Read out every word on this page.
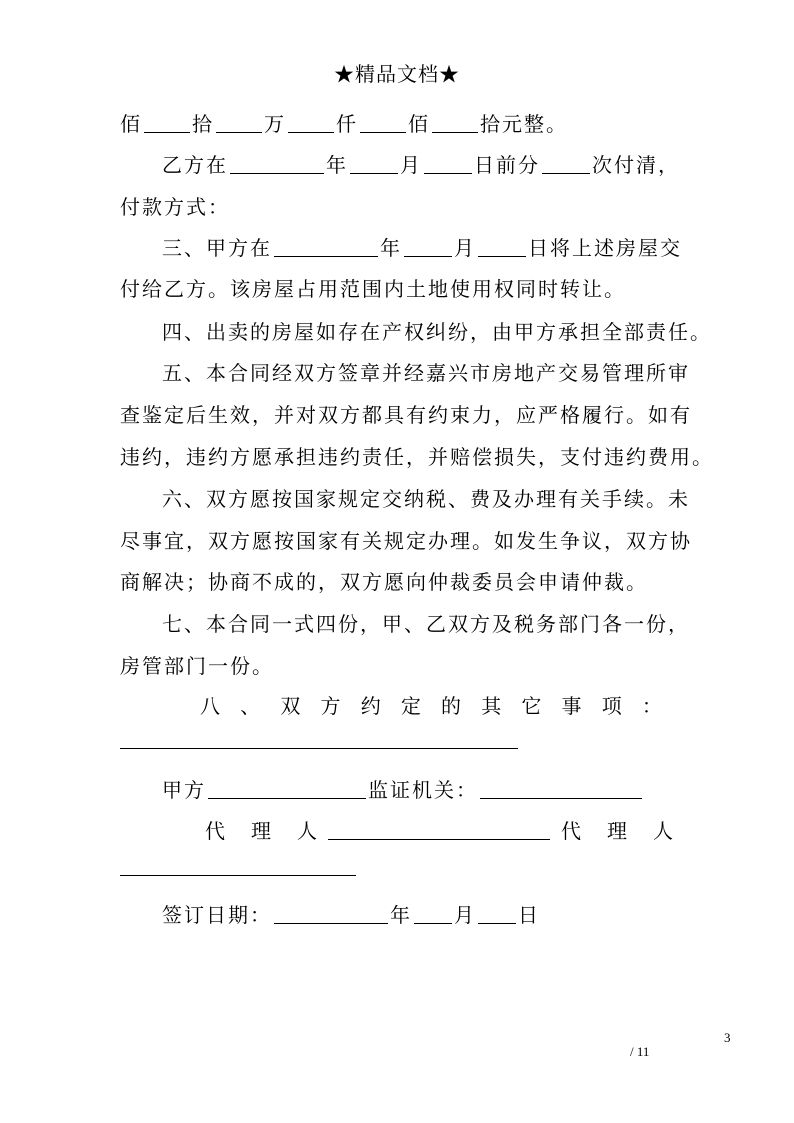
★精品文档★
佰	拾	万	仟	佰	拾元整。
乙方在	年	月	日前分	次付清，
付款方式：
三、甲方在	年	月	日将上述房屋交
付给乙方。该房屋占用范围内土地使用权同时转让。
四、出卖的房屋如存在产权纠纷，由甲方承担全部责任。
五、本合同经双方签章并经嘉兴市房地产交易管理所审
查鉴定后生效，并对双方都具有约束力，应严格履行。如有
违约，违约方愿承担违约责任，并赔偿损失，支付违约费用。
六、双方愿按国家规定交纳税、费及办理有关手续。未
尽事宜，双方愿按国家有关规定办理。如发生争议，双方协
商解决；协商不成的，双方愿向仲裁委员会申请仲裁。
七、本合同一式四份，甲、乙双方及税务部门各一份，
房管部门一份。
八 、 双 方 约 定 的 其 它 事 项 ：
甲方	监证机关：
代 理 人	代 理 人
签订日期：	年 月 日
3
/ 11
